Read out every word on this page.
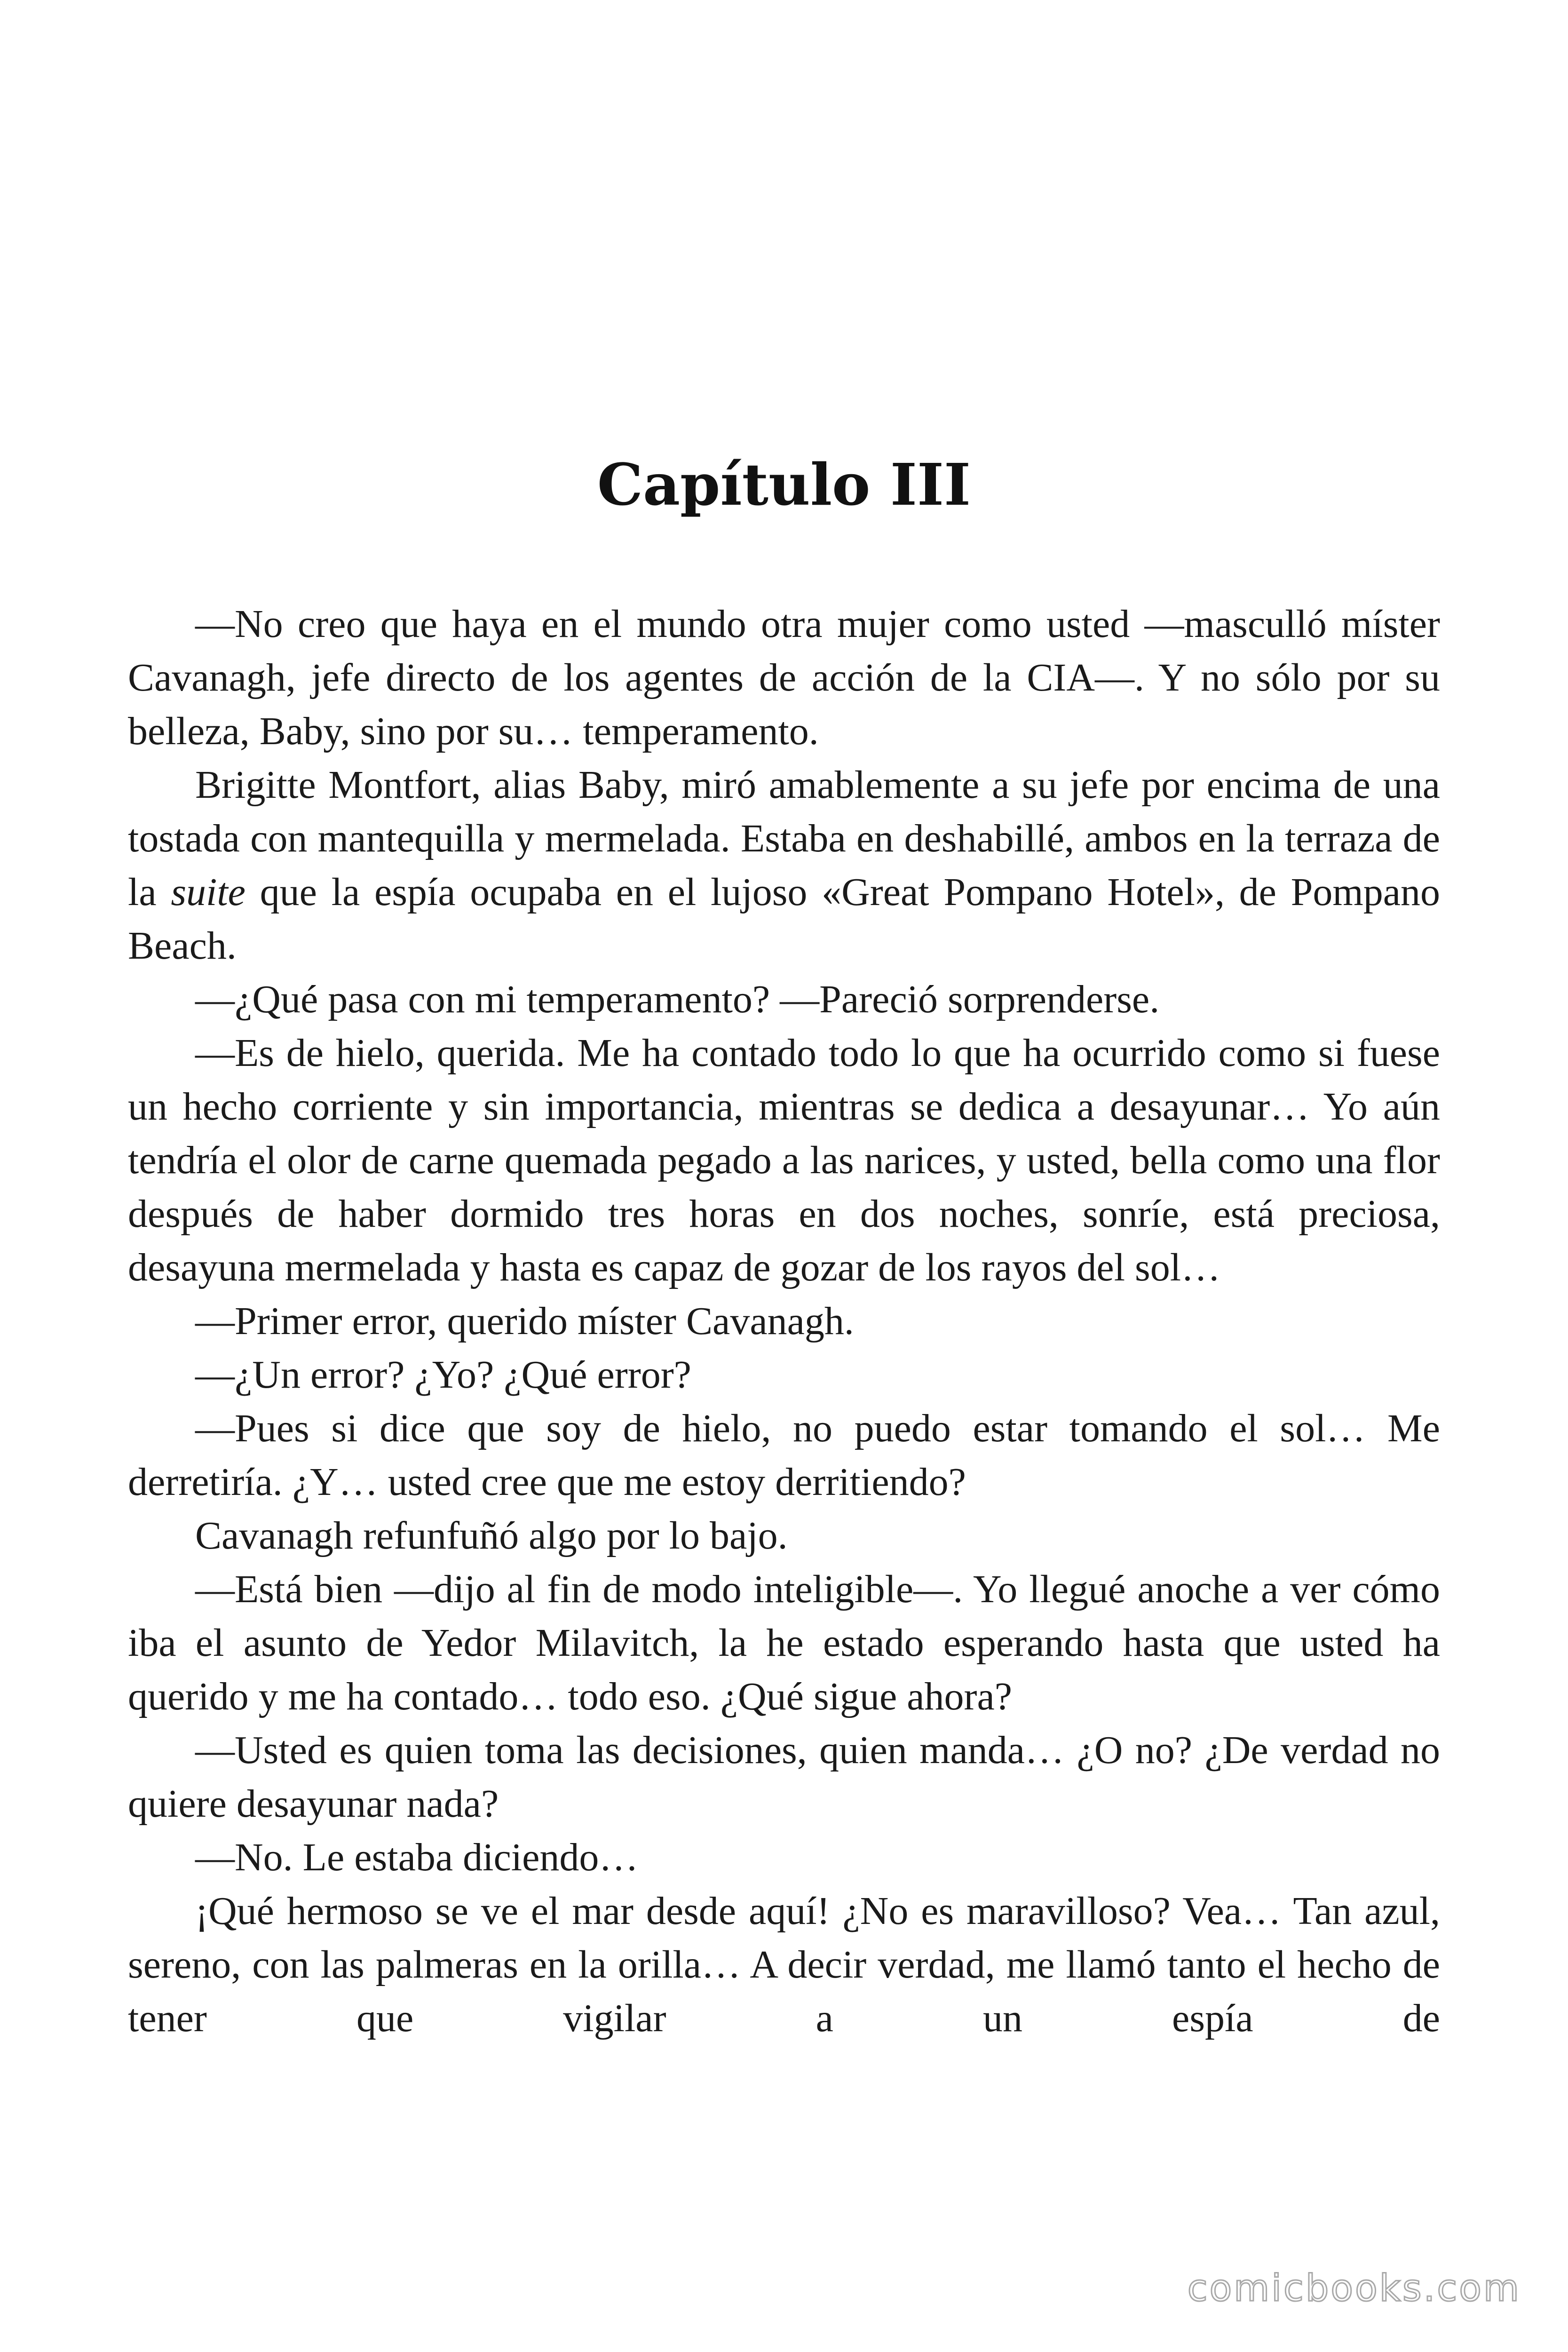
Capítulo III

—No creo que haya en el mundo otra mujer como usted —masculló míster Cavanagh, jefe directo de los agentes de acción de la CIA—. Y no sólo por su belleza, Baby, sino por su… temperamento.

Brigitte Montfort, alias Baby, miró amablemente a su jefe por encima de una tostada con mantequilla y mermelada. Estaba en deshabillé, ambos en la terraza de la suite que la espía ocupaba en el lujoso «Great Pompano Hotel», de Pompano Beach.

—¿Qué pasa con mi temperamento? —Pareció sorprenderse.

—Es de hielo, querida. Me ha contado todo lo que ha ocurrido como si fuese un hecho corriente y sin importancia, mientras se dedica a desayunar… Yo aún tendría el olor de carne quemada pegado a las narices, y usted, bella como una flor después de haber dormido tres horas en dos noches, sonríe, está preciosa, desayuna mermelada y hasta es capaz de gozar de los rayos del sol…

—Primer error, querido míster Cavanagh.

—¿Un error? ¿Yo? ¿Qué error?

—Pues si dice que soy de hielo, no puedo estar tomando el sol… Me derretiría. ¿Y… usted cree que me estoy derritiendo?

Cavanagh refunfuñó algo por lo bajo.

—Está bien —dijo al fin de modo inteligible—. Yo llegué anoche a ver cómo iba el asunto de Yedor Milavitch, la he estado esperando hasta que usted ha querido y me ha contado… todo eso. ¿Qué sigue ahora?

—Usted es quien toma las decisiones, quien manda… ¿O no? ¿De verdad no quiere desayunar nada?

—No. Le estaba diciendo…

¡Qué hermoso se ve el mar desde aquí! ¿No es maravilloso? Vea… Tan azul, sereno, con las palmeras en la orilla… A decir verdad, me llamó tanto el hecho de tener que vigilar a un espía de

comicbooks.com
